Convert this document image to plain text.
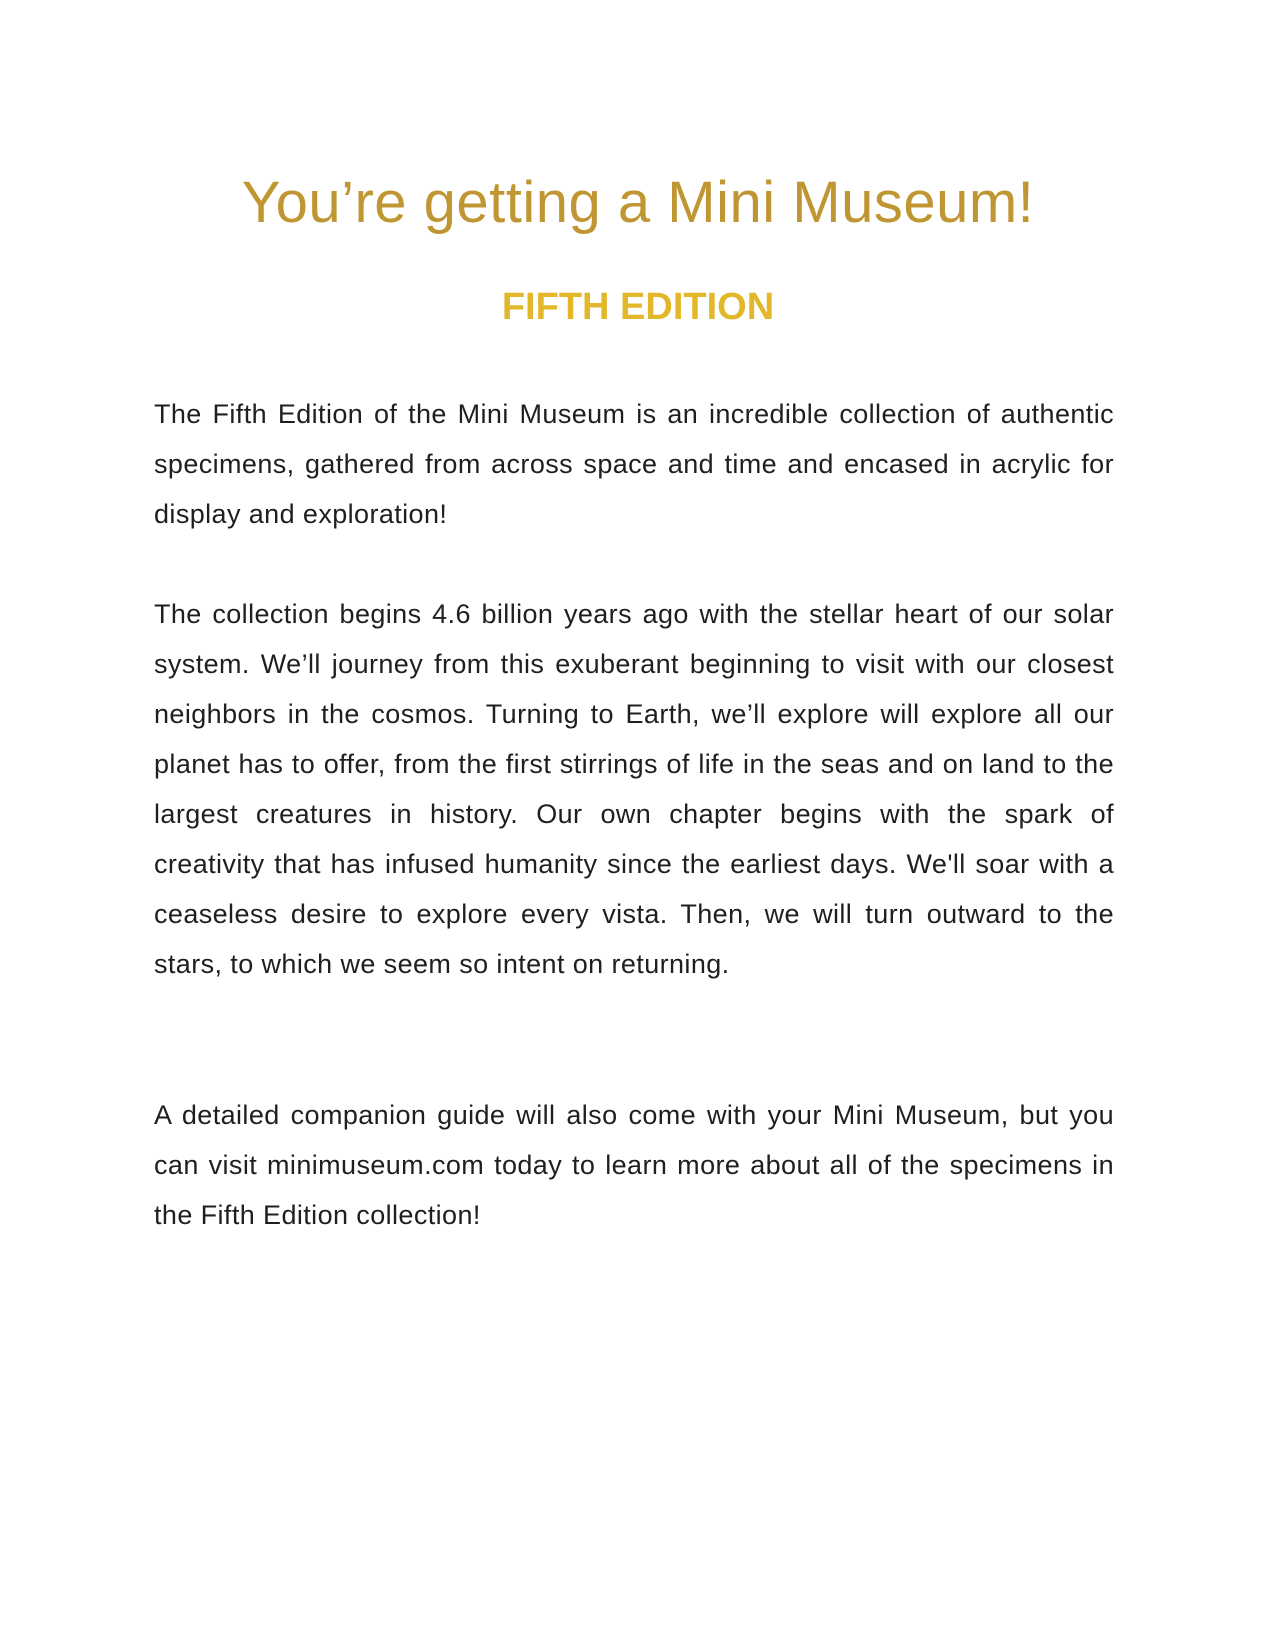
You’re getting a Mini Museum!
FIFTH EDITION

The Fifth Edition of the Mini Museum is an incredible collection of authentic specimens, gathered from across space and time and encased in acrylic for display and exploration!

The collection begins 4.6 billion years ago with the stellar heart of our solar system. We’ll journey from this exuberant beginning to visit with our closest neighbors in the cosmos. Turning to Earth, we’ll explore will explore all our planet has to offer, from the first stirrings of life in the seas and on land to the largest creatures in history. Our own chapter begins with the spark of creativity that has infused humanity since the earliest days. We'll soar with a ceaseless desire to explore every vista. Then, we will turn outward to the stars, to which we seem so intent on returning.

A detailed companion guide will also come with your Mini Museum, but you can visit minimuseum.com today to learn more about all of the specimens in the Fifth Edition collection!
